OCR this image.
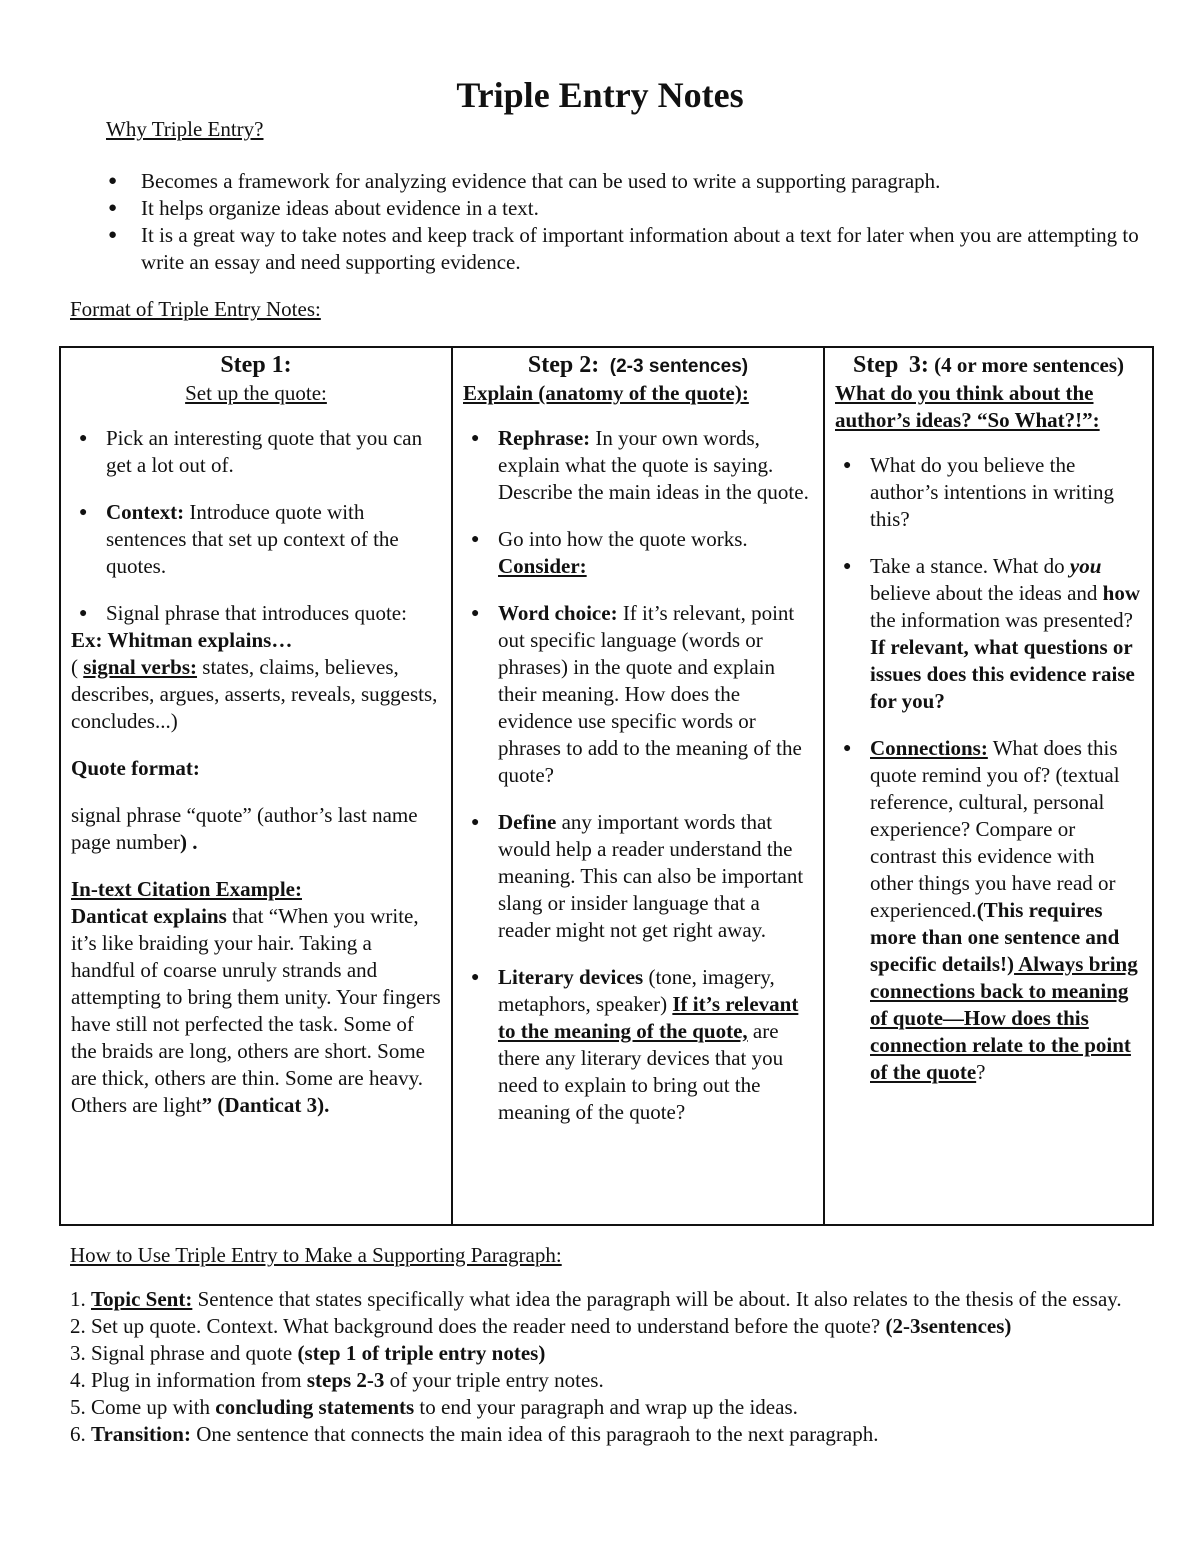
Triple Entry Notes
Why Triple Entry?
● Becomes a framework for analyzing evidence that can be used to write a supporting paragraph.
● It helps organize ideas about evidence in a text.
● It is a great way to take notes and keep track of important information about a text for later when you are attempting to write an essay and need supporting evidence.
Format of Triple Entry Notes:
Step 1:
Set up the quote:
● Pick an interesting quote that you can get a lot out of.
● Context: Introduce quote with sentences that set up context of the quotes.
● Signal phrase that introduces quote:
Ex: Whitman explains…
( signal verbs: states, claims, believes, describes, argues, asserts, reveals, suggests, concludes...)
Quote format:
signal phrase “quote” (author’s last name page number) .
In-text Citation Example:
Danticat explains that “When you write, it’s like braiding your hair. Taking a handful of coarse unruly strands and attempting to bring them unity. Your fingers have still not perfected the task. Some of the braids are long, others are short. Some are thick, others are thin. Some are heavy. Others are light” (Danticat 3).

Step 2: (2-3 sentences)
Explain (anatomy of the quote):
● Rephrase: In your own words, explain what the quote is saying. Describe the main ideas in the quote.
● Go into how the quote works.
Consider:
● Word choice: If it’s relevant, point out specific language (words or phrases) in the quote and explain their meaning. How does the evidence use specific words or phrases to add to the meaning of the quote?
● Define any important words that would help a reader understand the meaning. This can also be important slang or insider language that a reader might not get right away.
● Literary devices (tone, imagery, metaphors, speaker) If it’s relevant to the meaning of the quote, are there any literary devices that you need to explain to bring out the meaning of the quote?

Step 3: (4 or more sentences)
What do you think about the author’s ideas? “So What?!”:
● What do you believe the author’s intentions in writing this?
● Take a stance. What do you believe about the ideas and how the information was presented? If relevant, what questions or issues does this evidence raise for you?
● Connections: What does this quote remind you of? (textual reference, cultural, personal experience? Compare or contrast this evidence with other things you have read or experienced.(This requires more than one sentence and specific details!) Always bring connections back to meaning of quote—How does this connection relate to the point of the quote?
How to Use Triple Entry to Make a Supporting Paragraph:
1. Topic Sent: Sentence that states specifically what idea the paragraph will be about. It also relates to the thesis of the essay.
2. Set up quote. Context. What background does the reader need to understand before the quote? (2-3sentences)
3. Signal phrase and quote (step 1 of triple entry notes)
4. Plug in information from steps 2-3 of your triple entry notes.
5. Come up with concluding statements to end your paragraph and wrap up the ideas.
6. Transition: One sentence that connects the main idea of this paragraoh to the next paragraph.
